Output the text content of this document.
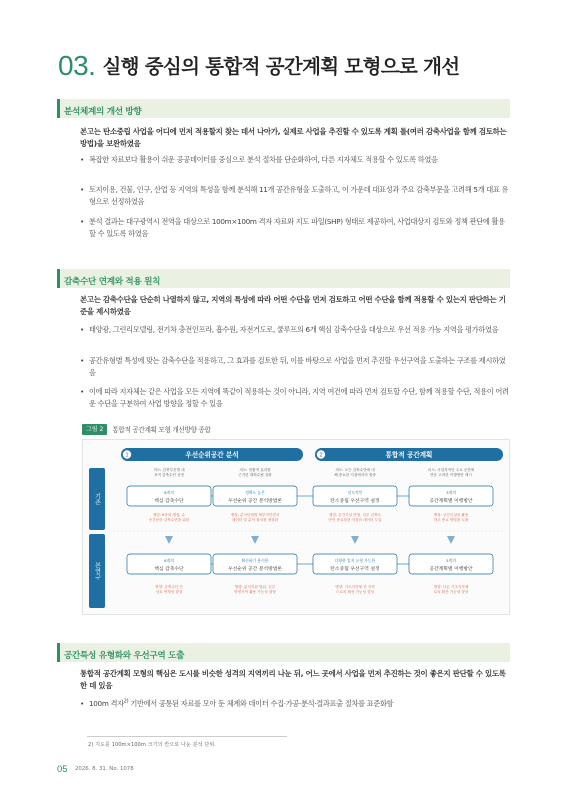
03. 실행 중심의 통합적 공간계획 모형으로 개선
분석체계의 개선 방향

본고는 탄소중립 사업을 어디에 먼저 적용할지 찾는 데서 나아가, 실제로 사업을 추진할 수 있도록 계획 틀(여러 감축사업을 함께 검토하는 방법)을 보완하였음

• 복잡한 자료보다 활용이 쉬운 공공데이터를 중심으로 분석 절차를 단순화하여, 다른 지자체도 적용할 수 있도록 하였음

• 토지이용, 건물, 인구, 산업 등 지역의 특성을 함께 분석해 11개 공간유형을 도출하고, 이 가운데 대표성과 주요 감축부문을 고려해 5개 대표 유형으로 선정하였음

• 분석 결과는 대구광역시 전역을 대상으로 100m×100m 격자 자료와 지도 파일(SHP) 형태로 제공하여, 사업대상지 검토와 정책 판단에 활용할 수 있도록 하였음

감축수단 연계와 적용 원칙

본고는 감축수단을 단순히 나열하지 않고, 지역의 특성에 따라 어떤 수단을 먼저 검토하고 어떤 수단을 함께 적용할 수 있는지 판단하는 기준을 제시하였음

• 태양광, 그린리모델링, 전기차 충전인프라, 흡수원, 자전거도로, 쿨루프의 6개 핵심 감축수단을 대상으로 우선 적용 가능 지역을 평가하였음

• 공간유형별 특성에 맞는 감축수단을 적용하고, 그 효과를 검토한 뒤, 이를 바탕으로 사업을 먼저 추진할 우선구역을 도출하는 구조를 제시하였음

• 이에 따라 지자체는 같은 사업을 모든 지역에 똑같이 적용하는 것이 아니라, 지역 여건에 따라 먼저 검토할 수단, 함께 적용할 수단, 적용이 어려운 수단을 구분하여 사업 방향을 정할 수 있음

그림 2	통합적 공간계획 모형 개선방향 종합
1	2
우선순위공간 분석	통합적 공간계획
기존
본연구
의도: 감축부문별 대
표적 감축수단 선정
6개의
핵심 감축수단
쟁점: 6종의 쟁점, 수
송부문의 감축수단을 위한
6개의
핵심 감축수단
방향: 감축수단 간
상호 연계성 향상
의도: 현황적 효과를
근거한 계획수립 강화
정확도 높은
우선순위 공간 분석방법론
쟁점: 분석단계별 세부적인면서
데이터 및 분석 절차를 정형화
확산하기 용이한
우선순위 공간 분석방법론
방향: 분석지원 범위, 일부
방정식이 활용 가능성 향상
의도: 모든 감축수단에 대
해 중요한 지점에서의 집중
선도적인
탄소중립 우선구역 설정
쟁점: 공간특성 반영, 일부 감축수
단이 중요하던 지점의 데이터 도입
다양한 입지 유형 가능한
탄소중립 우선구역 설정
방향: 기초지자체 전 지역
으로의 확산 가능성 향상
의도: 사업자적인 주요 공간에
반응 고려한 이행방안 제시
3개의
공간계획별 이행방안
쟁점: 공간특성을 활용
하고 중요 방법을 도출
5개의
공간계획별 이행방안
방향: 다른 기초지자체
로의 확산 가능성 향상
공간특성 유형화와 우선구역 도출

통합적 공간계획 모형의 핵심은 도시를 비슷한 성격의 지역끼리 나눈 뒤, 어느 곳에서 사업을 먼저 추진하는 것이 좋은지 판단할 수 있도록 한 데 있음

• 100m 격자$^{2)}$ 기반에서 공통된 자료를 모아 둔 체계와 데이터 수집·가공·분석·결과표출 절차를 표준화함

2) 지도를 100m×100m 크기의 칸으로 나눈 분석 단위.

05 2026. 8. 31. No. 1078
